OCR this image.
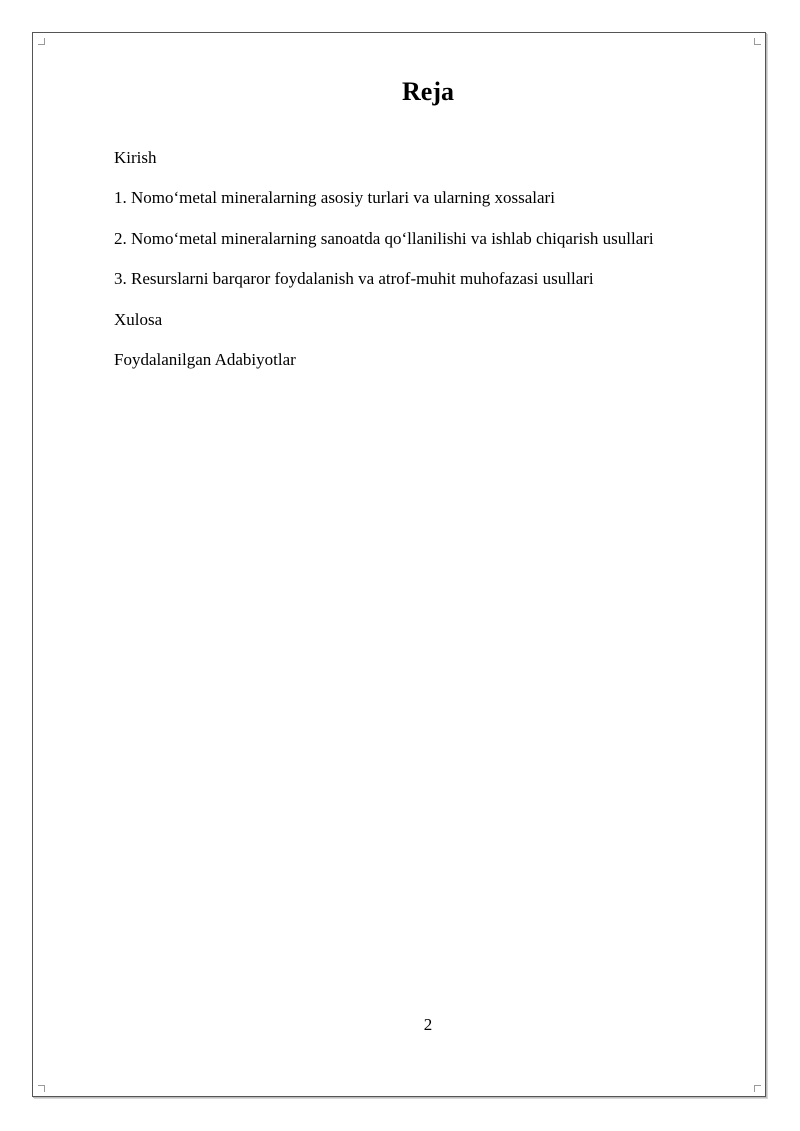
Reja
Kirish
1. Nomo‘metal mineralarning asosiy turlari va ularning xossalari
2. Nomo‘metal mineralarning sanoatda qo‘llanilishi va ishlab chiqarish usullari
3. Resurslarni barqaror foydalanish va atrof-muhit muhofazasi usullari
Xulosa
Foydalanilgan Adabiyotlar
2
